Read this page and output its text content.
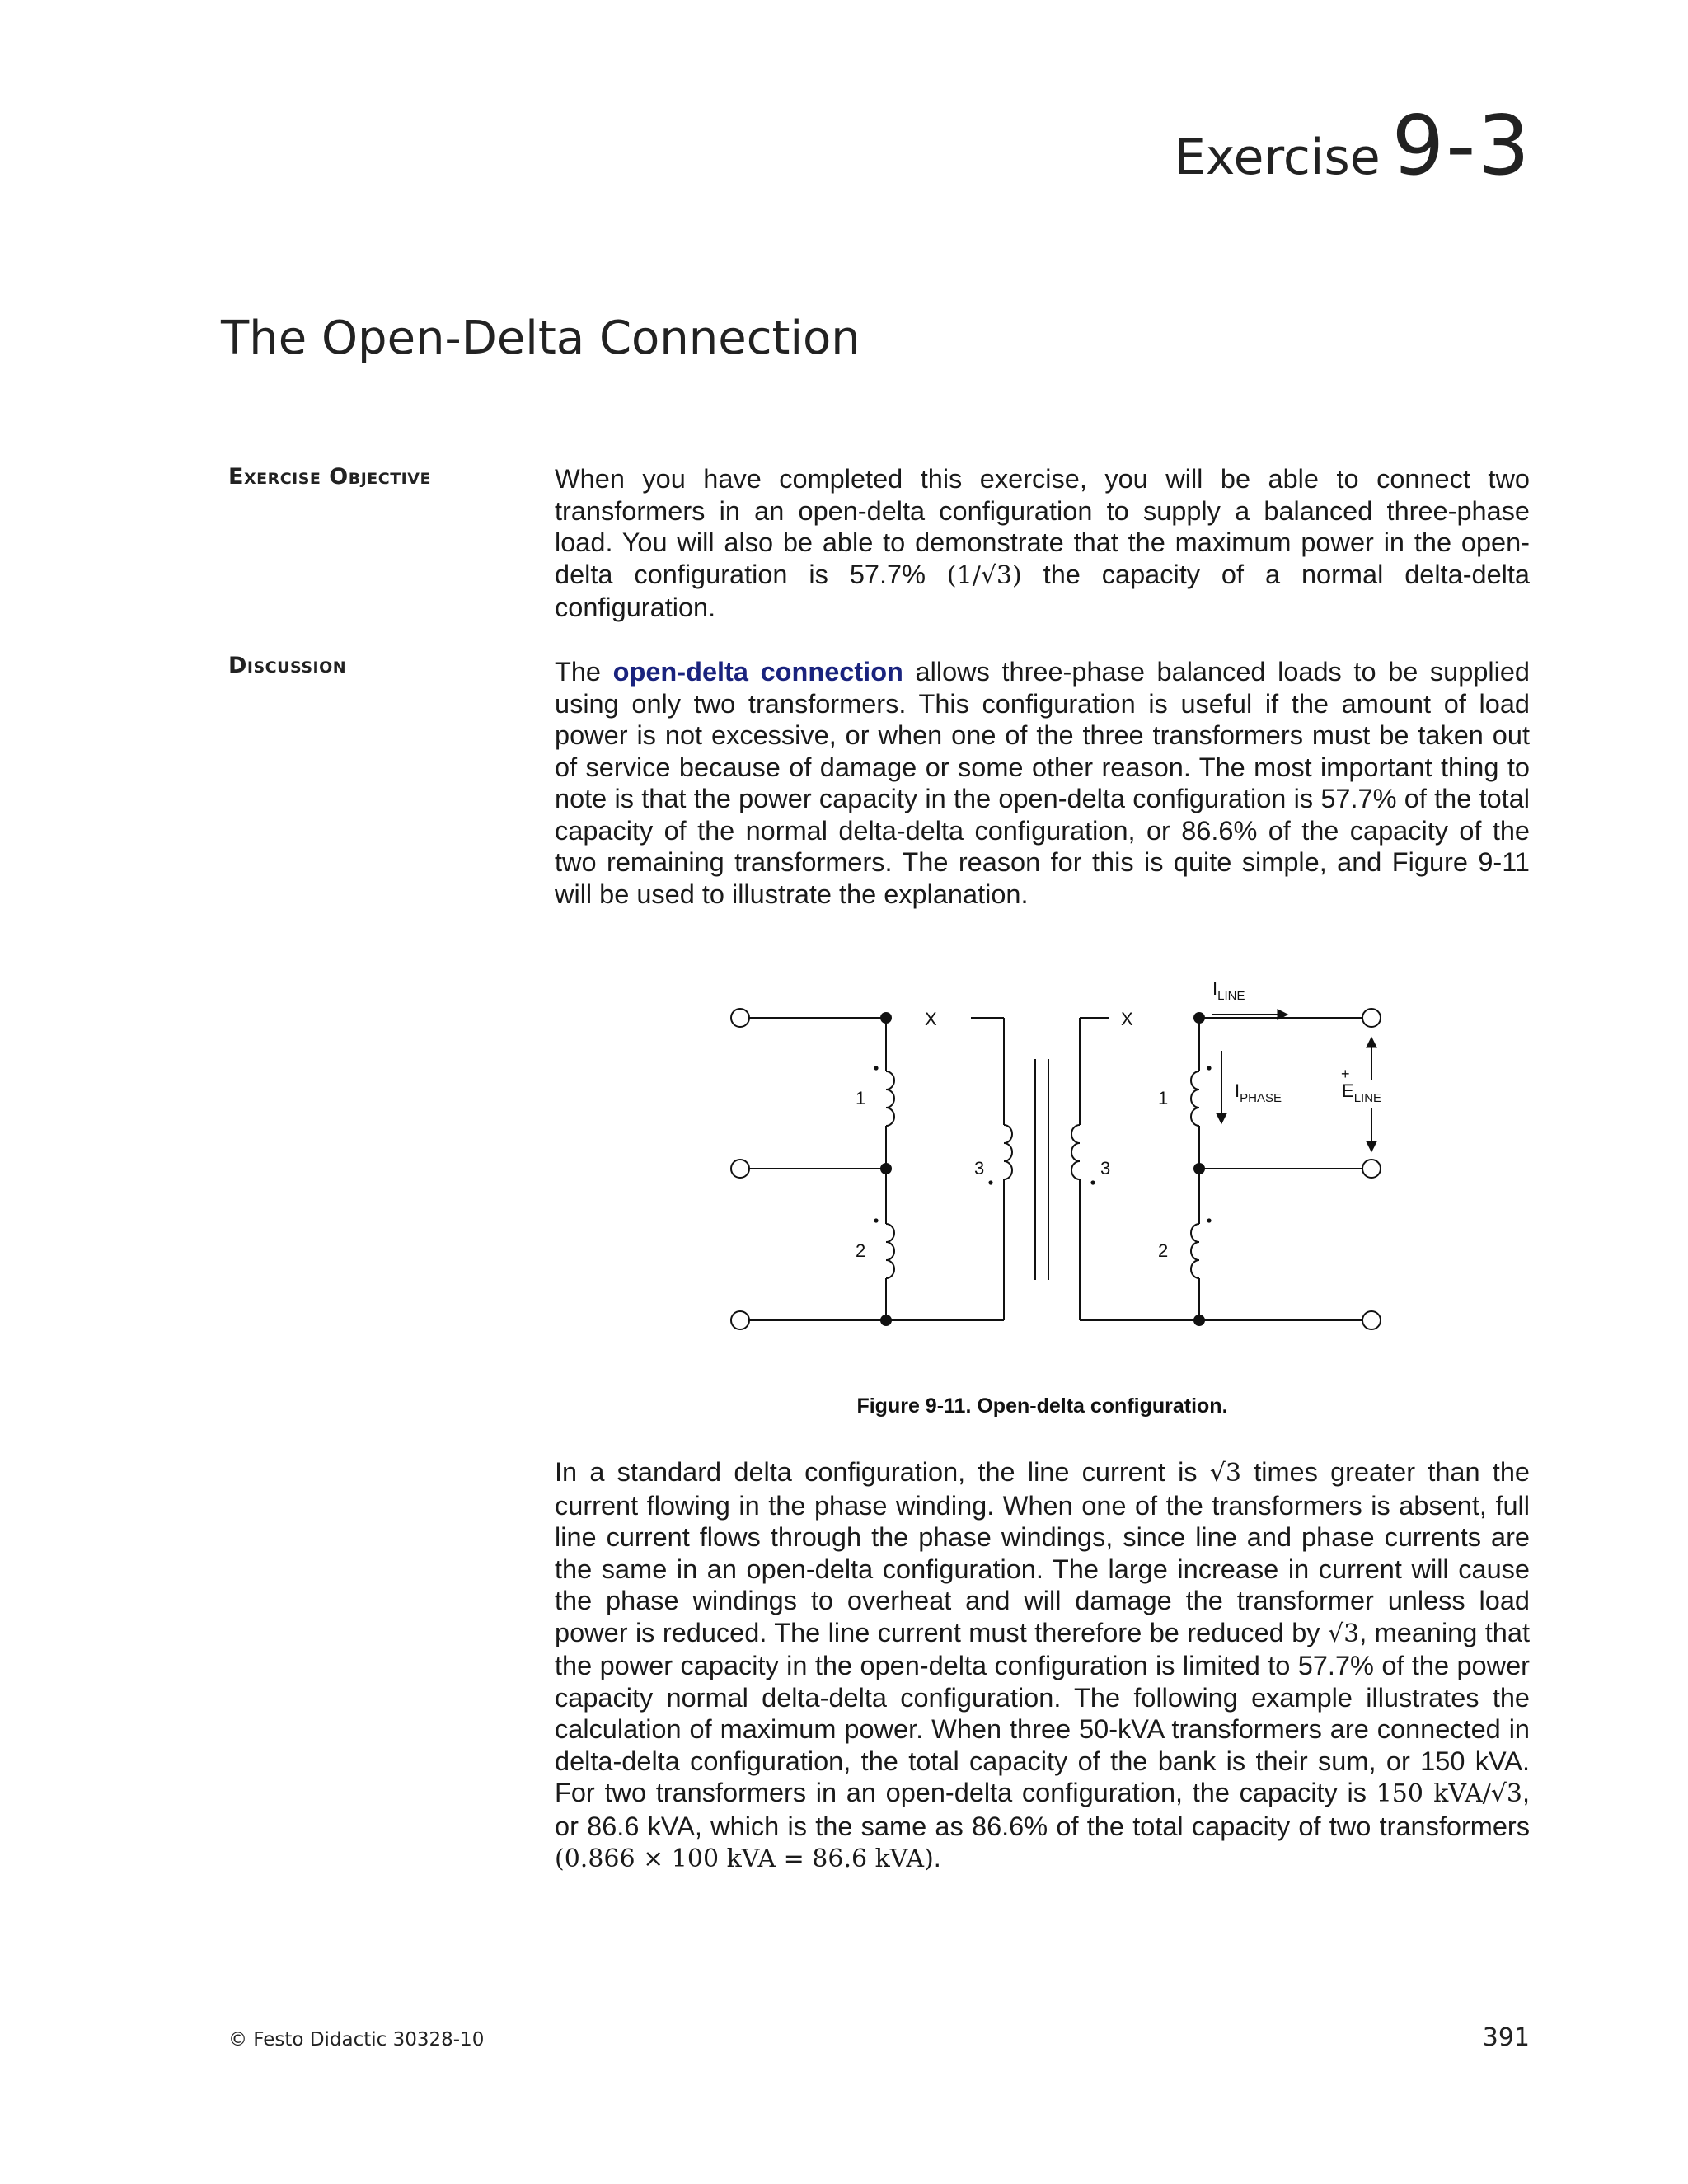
Exercise 9-3
The Open-Delta Connection
Exercise Objective	When you have completed this exercise, you will be able to connect two transformers in an open-delta configuration to supply a balanced three-phase load. You will also be able to demonstrate that the maximum power in the open-delta configuration is 57.7% (1/√3) the capacity of a normal delta-delta configuration.

Discussion	The open-delta connection allows three-phase balanced loads to be supplied using only two transformers. This configuration is useful if the amount of load power is not excessive, or when one of the three transformers must be taken out of service because of damage or some other reason. The most important thing to note is that the power capacity in the open-delta configuration is 57.7% of the total capacity of the normal delta-delta configuration, or 86.6% of the capacity of the two remaining transformers. The reason for this is quite simple, and Figure 9-11 will be used to illustrate the explanation.

X	X
1
2
3	3
1
2
$I_{LINE}$
$I_{PHASE}$
+
$E_{LINE}$

Figure 9-11. Open-delta configuration.

In a standard delta configuration, the line current is √3 times greater than the current flowing in the phase winding. When one of the transformers is absent, full line current flows through the phase windings, since line and phase currents are the same in an open-delta configuration. The large increase in current will cause the phase windings to overheat and will damage the transformer unless load power is reduced. The line current must therefore be reduced by √3, meaning that the power capacity in the open-delta configuration is limited to 57.7% of the power capacity normal delta-delta configuration. The following example illustrates the calculation of maximum power. When three 50-kVA transformers are connected in delta-delta configuration, the total capacity of the bank is their sum, or 150 kVA. For two transformers in an open-delta configuration, the capacity is 150 kVA/√3, or 86.6 kVA, which is the same as 86.6% of the total capacity of two transformers (0.866 × 100 kVA = 86.6 kVA).

© Festo Didactic 30328-10	391
